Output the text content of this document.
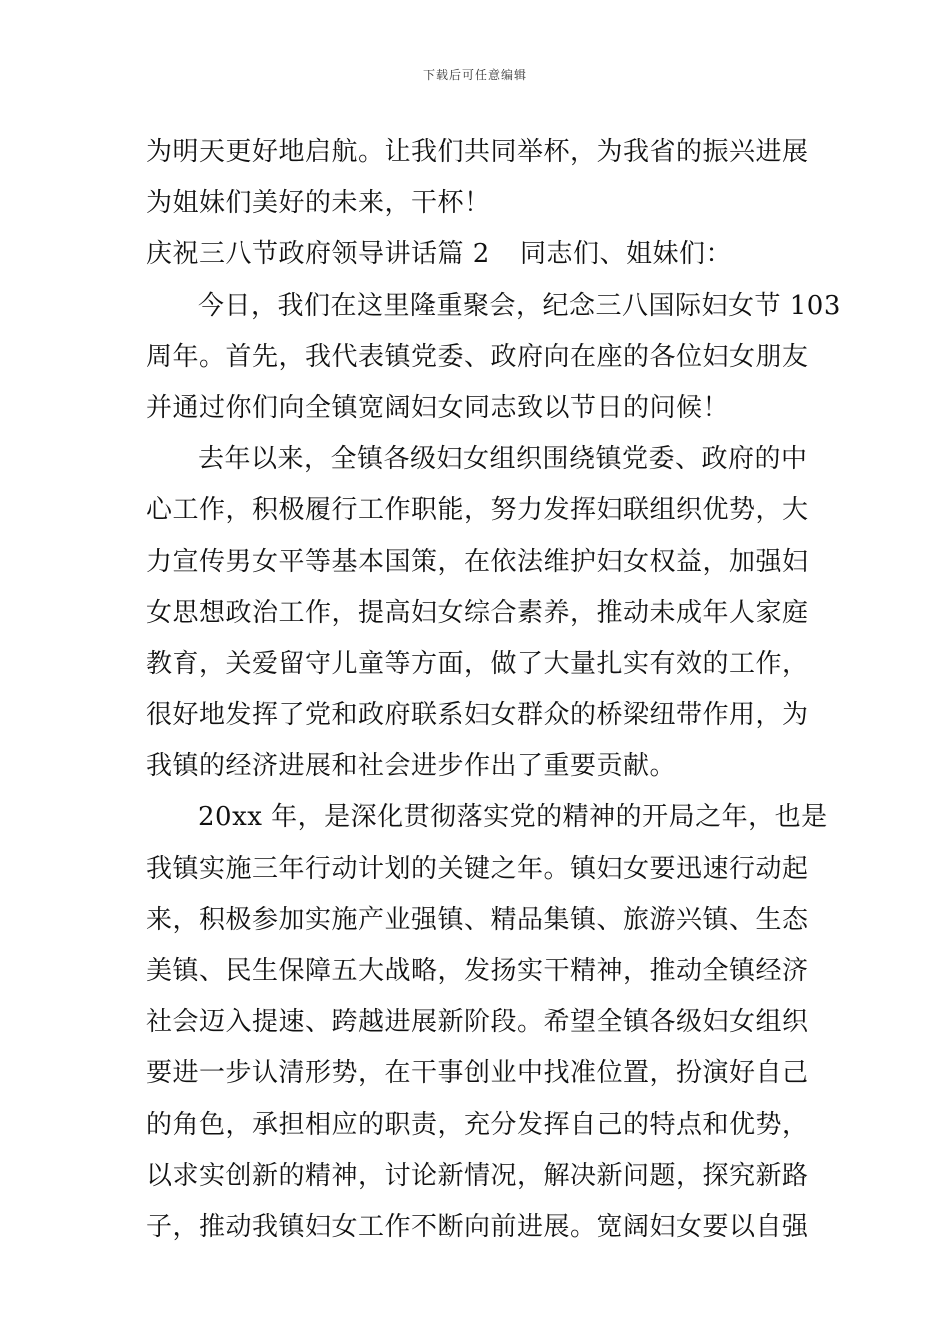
下载后可任意编辑
为明天更好地启航。让我们共同举杯，为我省的振兴进展
为姐妹们美好的未来，干杯！
庆祝三八节政府领导讲话篇 2	同志们、姐妹们：
今日，我们在这里隆重聚会，纪念三八国际妇女节 103
周年。首先，我代表镇党委、政府向在座的各位妇女朋友
并通过你们向全镇宽阔妇女同志致以节日的问候！
去年以来，全镇各级妇女组织围绕镇党委、政府的中
心工作，积极履行工作职能，努力发挥妇联组织优势，大
力宣传男女平等基本国策，在依法维护妇女权益，加强妇
女思想政治工作，提高妇女综合素养，推动未成年人家庭
教育，关爱留守儿童等方面，做了大量扎实有效的工作，
很好地发挥了党和政府联系妇女群众的桥梁纽带作用，为
我镇的经济进展和社会进步作出了重要贡献。
20xx 年，是深化贯彻落实党的精神的开局之年，也是
我镇实施三年行动计划的关键之年。镇妇女要迅速行动起
来，积极参加实施产业强镇、精品集镇、旅游兴镇、生态
美镇、民生保障五大战略，发扬实干精神，推动全镇经济
社会迈入提速、跨越进展新阶段。希望全镇各级妇女组织
要进一步认清形势，在干事创业中找准位置，扮演好自己
的角色，承担相应的职责，充分发挥自己的特点和优势，
以求实创新的精神，讨论新情况，解决新问题，探究新路
子，推动我镇妇女工作不断向前进展。宽阔妇女要以自强
